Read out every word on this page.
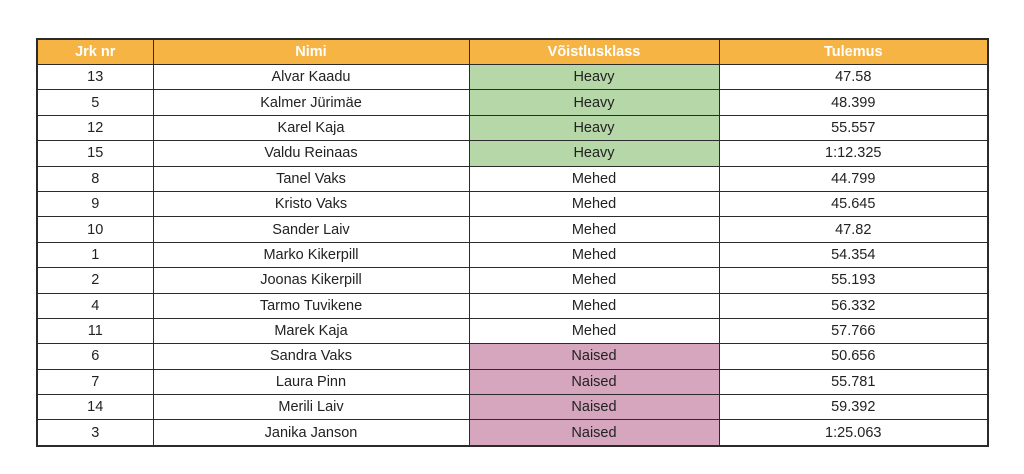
Jrk nr	Nimi	Võistlusklass	Tulemus
13	Alvar Kaadu	Heavy	47.58
5	Kalmer Jürimäe	Heavy	48.399
12	Karel Kaja	Heavy	55.557
15	Valdu Reinaas	Heavy	1:12.325
8	Tanel Vaks	Mehed	44.799
9	Kristo Vaks	Mehed	45.645
10	Sander Laiv	Mehed	47.82
1	Marko Kikerpill	Mehed	54.354
2	Joonas Kikerpill	Mehed	55.193
4	Tarmo Tuvikene	Mehed	56.332
11	Marek Kaja	Mehed	57.766
6	Sandra Vaks	Naised	50.656
7	Laura Pinn	Naised	55.781
14	Merili Laiv	Naised	59.392
3	Janika Janson	Naised	1:25.063
